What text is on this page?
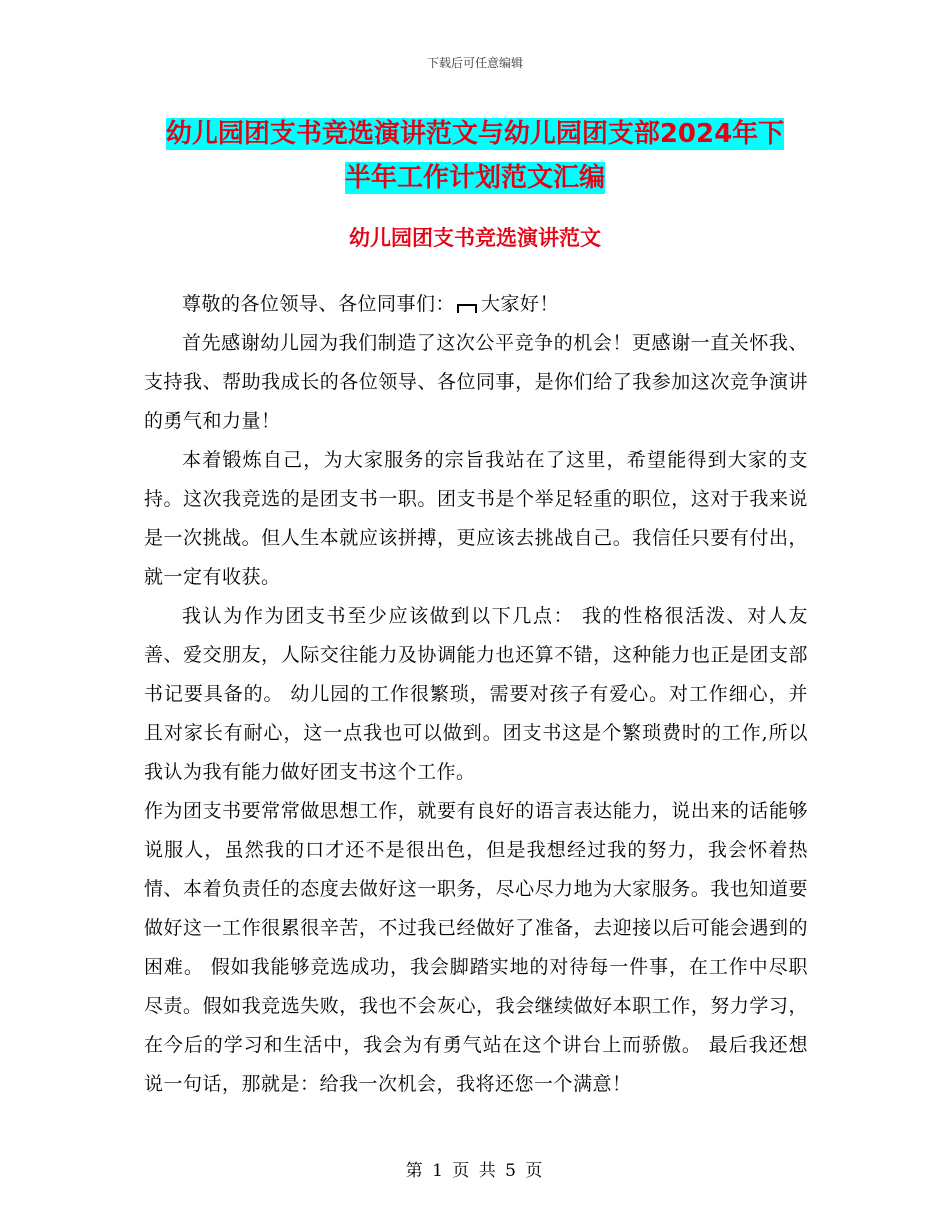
下载后可任意编辑
幼儿园团支书竞选演讲范文与幼儿园团支部2024年下
半年工作计划范文汇编
幼儿园团支书竞选演讲范文

尊敬的各位领导、各位同事们： 大家好！

首先感谢幼儿园为我们制造了这次公平竞争的机会！更感谢一直关怀我、支持我、帮助我成长的各位领导、各位同事，是你们给了我参加这次竞争演讲的勇气和力量！

本着锻炼自己，为大家服务的宗旨我站在了这里，希望能得到大家的支持。这次我竞选的是团支书一职。团支书是个举足轻重的职位，这对于我来说是一次挑战。但人生本就应该拼搏，更应该去挑战自己。我信任只要有付出，就一定有收获。

我认为作为团支书至少应该做到以下几点： 我的性格很活泼、对人友善、爱交朋友，人际交往能力及协调能力也还算不错，这种能力也正是团支部书记要具备的。 幼儿园的工作很繁琐，需要对孩子有爱心。对工作细心，并且对家长有耐心，这一点我也可以做到。团支书这是个繁琐费时的工作,所以我认为我有能力做好团支书这个工作。

作为团支书要常常做思想工作，就要有良好的语言表达能力，说出来的话能够说服人，虽然我的口才还不是很出色，但是我想经过我的努力，我会怀着热情、本着负责任的态度去做好这一职务，尽心尽力地为大家服务。我也知道要做好这一工作很累很辛苦，不过我已经做好了准备，去迎接以后可能会遇到的困难。 假如我能够竞选成功，我会脚踏实地的对待每一件事，在工作中尽职尽责。假如我竞选失败，我也不会灰心，我会继续做好本职工作，努力学习，在今后的学习和生活中，我会为有勇气站在这个讲台上而骄傲。 最后我还想说一句话，那就是：给我一次机会，我将还您一个满意！

第 1 页 共 5 页
